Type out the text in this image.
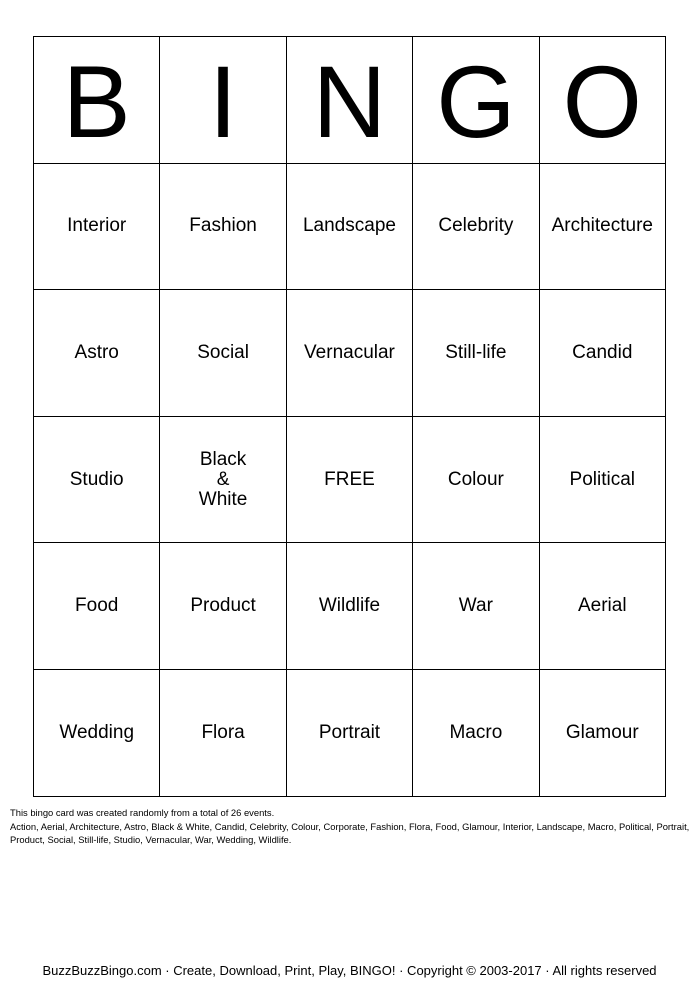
B	I	N	G	O
Interior	Fashion	Landscape	Celebrity	Architecture
Astro	Social	Vernacular	Still-life	Candid
Studio	Black & White	FREE	Colour	Political
Food	Product	Wildlife	War	Aerial
Wedding	Flora	Portrait	Macro	Glamour

This bingo card was created randomly from a total of 26 events.

Action, Aerial, Architecture, Astro, Black & White, Candid, Celebrity, Colour, Corporate, Fashion, Flora, Food, Glamour, Interior, Landscape, Macro, Political, Portrait, Product, Social, Still-life, Studio, Vernacular, War, Wedding, Wildlife.

BuzzBuzzBingo.com · Create, Download, Print, Play, BINGO! · Copyright © 2003-2017 · All rights reserved
